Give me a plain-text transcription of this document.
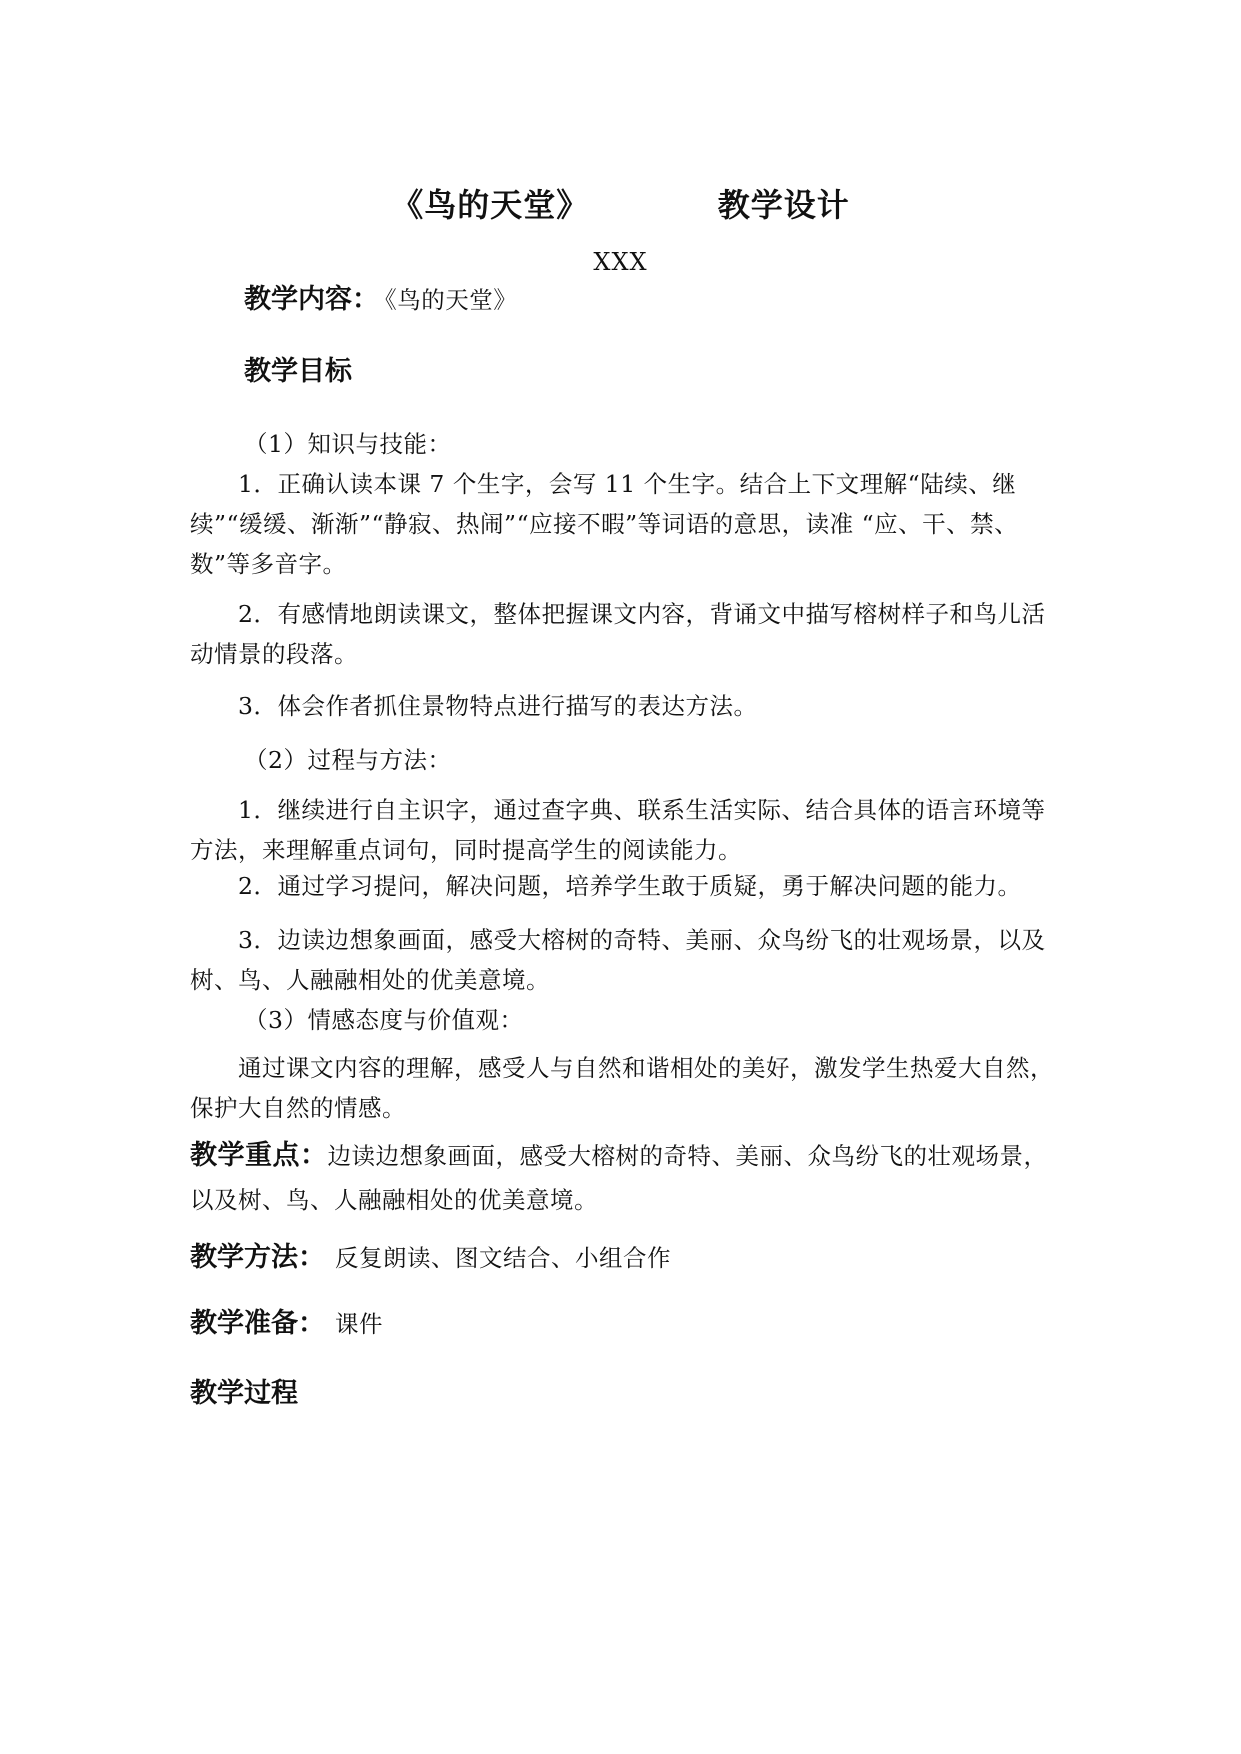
《鸟的天堂》    教学设计
XXX
教学内容： 《鸟的天堂》
教学目标
（1）知识与技能：
1．正确认读本课 7 个生字，会写 11 个生字。结合上下文理解“陆续、继续”“缓缓、渐渐”“静寂、热闹”“应接不暇”等词语的意思，读准 “应、干、禁、数”等多音字。
2．有感情地朗读课文，整体把握课文内容，背诵文中描写榕树样子和鸟儿活动情景的段落。
3．体会作者抓住景物特点进行描写的表达方法。
（2）过程与方法：
1．继续进行自主识字，通过查字典、联系生活实际、结合具体的语言环境等方法，来理解重点词句，同时提高学生的阅读能力。
2．通过学习提问，解决问题，培养学生敢于质疑，勇于解决问题的能力。
3．边读边想象画面，感受大榕树的奇特、美丽、众鸟纷飞的壮观场景，以及树、鸟、人融融相处的优美意境。
（3）情感态度与价值观：
通过课文内容的理解，感受人与自然和谐相处的美好，激发学生热爱大自然，保护大自然的情感。
教学重点：边读边想象画面，感受大榕树的奇特、美丽、众鸟纷飞的壮观场景，以及树、鸟、人融融相处的优美意境。
教学方法： 反复朗读、图文结合、小组合作
教学准备： 课件
教学过程
